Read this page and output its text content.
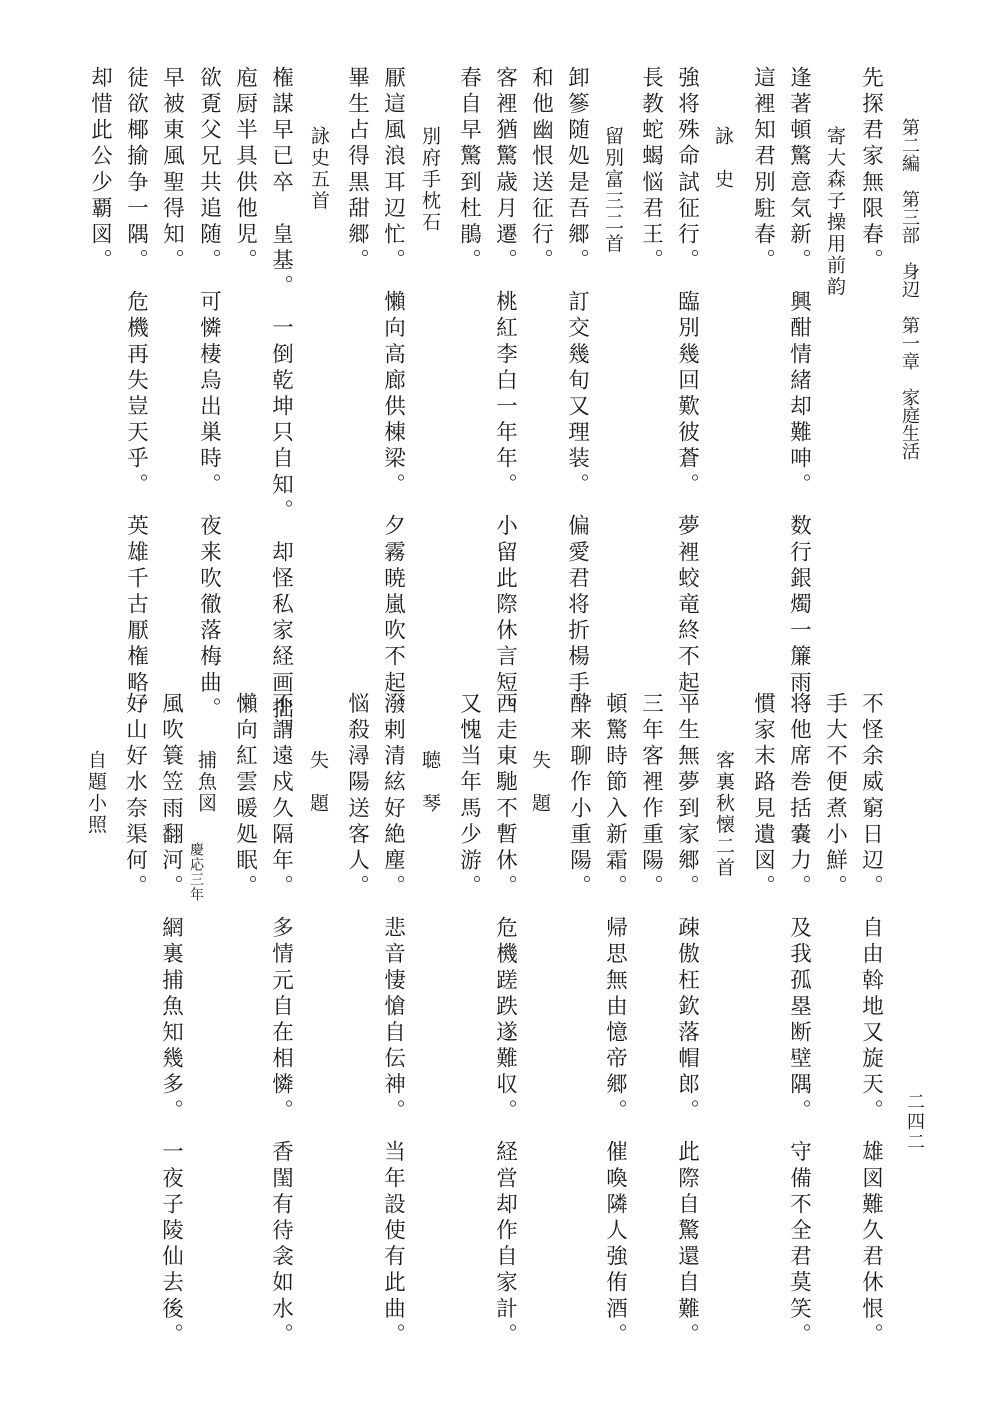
第二編　第三部　身辺　第一章　家庭生活
二四二
先探君家無限春。
寄大森子操用前韵
逢著頓驚意気新。　興酣情緒却難呻。　数行銀燭一簾雨。
這裡知君別駐春。
詠　史
強将殊命試征行。　臨別幾回歎彼蒼。　夢裡蛟竜終不起。
長教蛇蝎悩君王。
留別富三二首
卸篸随処是吾郷。　訂交幾旬又理装。　偏愛君将折楊手。
和他幽恨送征行。
客裡猶驚歳月遷。　桃紅李白一年年。　小留此際休言短。
春自早驚到杜鵑。
別府手枕石
厭這風浪耳辺忙。　懶向高廊供棟梁。　夕霧暁嵐吹不起。
畢生占得黒甜郷。
詠史五首
権謀早已卒　皇基。　一倒乾坤只自知。　却怪私家経画拙。
庖厨半具供他児。
欲覔父兄共追随。　可憐棲烏出巣時。　夜来吹徹落梅曲。
早被東風聖得知。
徒欲椰揄争一隅。　危機再失豈天乎。　英雄千古厭権略。
却惜此公少覇図。
不怪余威窮日辺。　自由斡地又旋天。　雄図難久君休恨。
手大不便煮小鮮。
将他席巻括嚢力。　及我孤塁断壁隅。　守備不全君莫笑。
慣家末路見遺図。
客裏秋懐二首
平生無夢到家郷。　疎傲枉欽落帽郎。　此際自驚還自難。
三年客裡作重陽。
頓驚時節入新霜。　帰思無由憶帝郷。　催喚隣人強侑酒。
酔来聊作小重陽。
失　題
西走東馳不暫休。　危機蹉跌遂難収。　経営却作自家計。
又愧当年馬少游。
聴　琴
潑剌清絃好絶塵。　悲音悽愴自伝神。　当年設使有此曲。
悩殺潯陽送客人。
失　題
不謂遠戍久隔年。　多情元自在相憐。　香閨有待衾如水。
懶向紅雲暖処眠。
捕魚図
慶応三年
風吹簑笠雨翻河。　網裏捕魚知幾多。　一夜子陵仙去後。
好山好水奈渠何。
自題小照
